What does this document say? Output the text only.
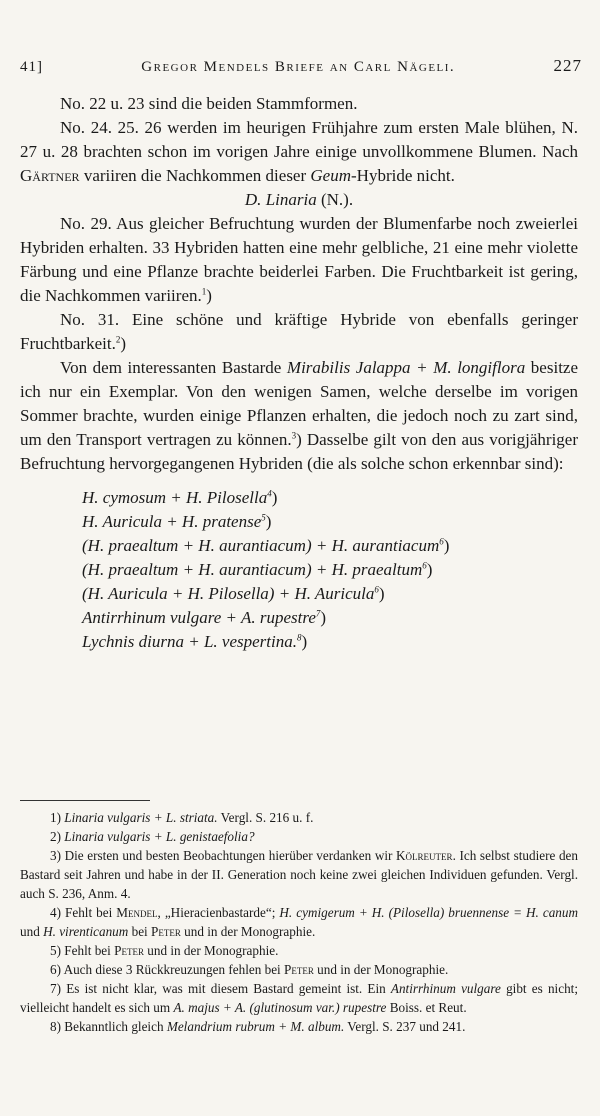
41]	Gregor Mendels Briefe an Carl Nägeli.	227

No. 22 u. 23 sind die beiden Stammformen.

No. 24. 25. 26 werden im heurigen Frühjahre zum ersten Male blühen, N. 27 u. 28 brachten schon im vorigen Jahre einige unvollkommene Blumen. Nach Gärtner variiren die Nachkommen dieser Geum-Hybride nicht.

D. Linaria (N.).

No. 29. Aus gleicher Befruchtung wurden der Blumenfarbe noch zweierlei Hybriden erhalten. 33 Hybriden hatten eine mehr gelbliche, 21 eine mehr violette Färbung und eine Pflanze brachte beiderlei Farben. Die Fruchtbarkeit ist gering, die Nachkommen variiren.$^1$)

No. 31. Eine schöne und kräftige Hybride von ebenfalls geringer Fruchtbarkeit.$^2$)

Von dem interessanten Bastarde Mirabilis Jalappa + M. longiflora besitze ich nur ein Exemplar. Von den wenigen Samen, welche derselbe im vorigen Sommer brachte, wurden einige Pflanzen erhalten, die jedoch noch zu zart sind, um den Transport vertragen zu können.$^3$) Dasselbe gilt von den aus vorigjähriger Befruchtung hervorgegangenen Hybriden (die als solche schon erkennbar sind):

H. cymosum + H. Pilosella$^4$)
H. Auricula + H. pratense$^5$)
(H. praealtum + H. aurantiacum) + H. aurantiacum$^6$)
(H. praealtum + H. aurantiacum) + H. praealtum$^6$)
(H. Auricula + H. Pilosella) + H. Auricula$^6$)
Antirrhinum vulgare + A. rupestre$^7$)
Lychnis diurna + L. vespertina.$^8$)

1) Linaria vulgaris + L. striata. Vergl. S. 216 u. f.

2) Linaria vulgaris + L. genistaefolia?

3) Die ersten und besten Beobachtungen hierüber verdanken wir Kölreuter. Ich selbst studiere den Bastard seit Jahren und habe in der II. Generation noch keine zwei gleichen Individuen gefunden. Vergl. auch S. 236, Anm. 4.

4) Fehlt bei Mendel, „Hieracienbastarde“; H. cymigerum + H. (Pilosella) bruennense = H. canum und H. virenticanum bei Peter und in der Monographie.

5) Fehlt bei Peter und in der Monographie.

6) Auch diese 3 Rückkreuzungen fehlen bei Peter und in der Monographie.

7) Es ist nicht klar, was mit diesem Bastard gemeint ist. Ein Antirrhinum vulgare gibt es nicht; vielleicht handelt es sich um A. majus + A. (glutinosum var.) rupestre Boiss. et Reut.

8) Bekanntlich gleich Melandrium rubrum + M. album. Vergl. S. 237 und 241.
